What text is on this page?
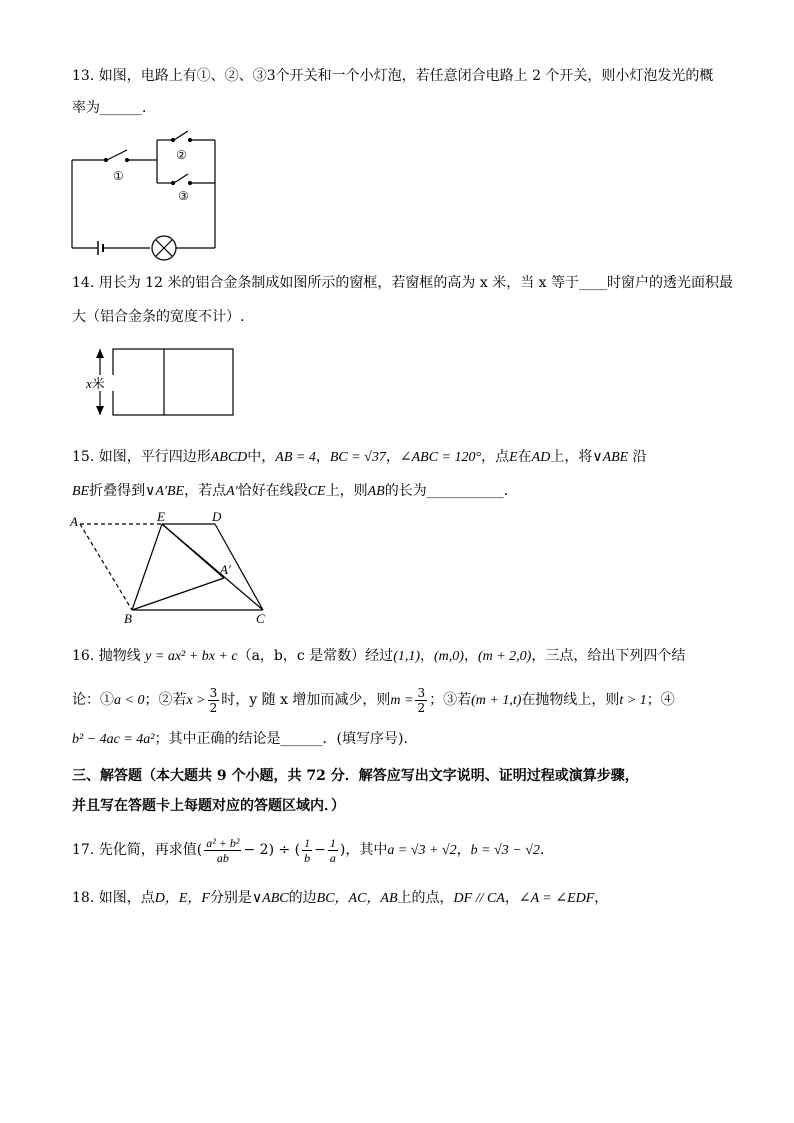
13. 如图，电路上有①、②、③3个开关和一个小灯泡，若任意闭合电路上 2 个开关，则小灯泡发光的概
率为______．
①
②
③
14. 用长为 12 米的铝合金条制成如图所示的窗框，若窗框的高为 x 米，当 x 等于____时窗户的透光面积最
大（铝合金条的宽度不计）.
x米
15. 如图，平行四边形ABCD中，AB = 4，BC = √37，∠ABC = 120°，点E在AD上，将∨ABE 沿
BE折叠得到∨A′BE，若点A′恰好在线段CE上，则AB的长为___________．
A	E	D
A′
B	C
16. 抛物线 y = ax² + bx + c（a，b，c 是常数）经过(1,1)，(m,0)，(m + 2,0)，三点，给出下列四个结
论：①a < 0；②若$x > \frac{3}{2}$ 时，y 随 x 增加而减少，则$m = \frac{3}{2}$ ；③若(m + 1,t)在抛物线上，则t > 1；④
b² − 4ac = 4a²；其中正确的结论是______．(填写序号)．
三、解答题（本大题共 9 个小题，共 72 分．解答应写出文字说明、证明过程或演算步骤，
并且写在答题卡上每题对应的答题区域内．）
17. 先化简，再求值( $\frac{\text{a² + b²}}{ab} - 2$) ÷ ( $\frac{1}{b} - \frac{1}{a}$ )，其中a = √3 + √2，b = √3 − √2.
18. 如图，点D，E，F分别是∨ABC的边BC，AC，AB上的点，DF // CA，∠A = ∠EDF，
